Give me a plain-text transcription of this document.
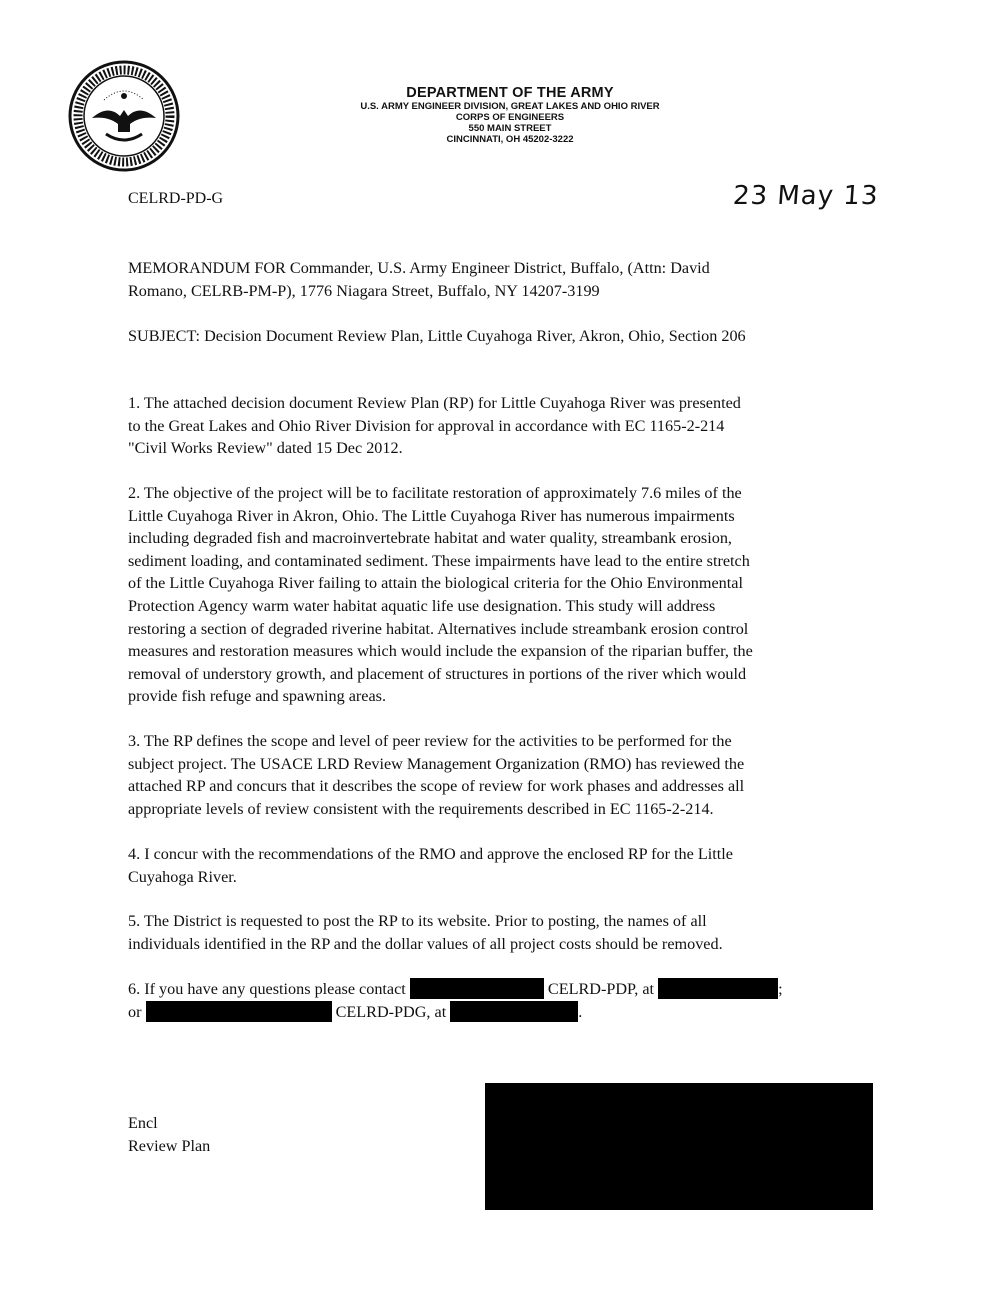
DEPARTMENT OF THE ARMY
U.S. ARMY ENGINEER DIVISION, GREAT LAKES AND OHIO RIVER
CORPS OF ENGINEERS
550 MAIN STREET
CINCINNATI, OH 45202-3222
CELRD-PD-G	23 May 13
MEMORANDUM FOR Commander, U.S. Army Engineer District, Buffalo, (Attn: David
Romano, CELRB-PM-P), 1776 Niagara Street, Buffalo, NY 14207-3199
SUBJECT: Decision Document Review Plan, Little Cuyahoga River, Akron, Ohio, Section 206
1. The attached decision document Review Plan (RP) for Little Cuyahoga River was presented
to the Great Lakes and Ohio River Division for approval in accordance with EC 1165-2-214
"Civil Works Review" dated 15 Dec 2012.
2. The objective of the project will be to facilitate restoration of approximately 7.6 miles of the
Little Cuyahoga River in Akron, Ohio. The Little Cuyahoga River has numerous impairments
including degraded fish and macroinvertebrate habitat and water quality, streambank erosion,
sediment loading, and contaminated sediment. These impairments have lead to the entire stretch
of the Little Cuyahoga River failing to attain the biological criteria for the Ohio Environmental
Protection Agency warm water habitat aquatic life use designation. This study will address
restoring a section of degraded riverine habitat. Alternatives include streambank erosion control
measures and restoration measures which would include the expansion of the riparian buffer, the
removal of understory growth, and placement of structures in portions of the river which would
provide fish refuge and spawning areas.
3. The RP defines the scope and level of peer review for the activities to be performed for the
subject project. The USACE LRD Review Management Organization (RMO) has reviewed the
attached RP and concurs that it describes the scope of review for work phases and addresses all
appropriate levels of review consistent with the requirements described in EC 1165-2-214.
4. I concur with the recommendations of the RMO and approve the enclosed RP for the Little
Cuyahoga River.
5. The District is requested to post the RP to its website. Prior to posting, the names of all
individuals identified in the RP and the dollar values of all project costs should be removed.
6. If you have any questions please contact	CELRD-PDP, at	;
or	CELRD-PDG, at	.
Encl
Review Plan
